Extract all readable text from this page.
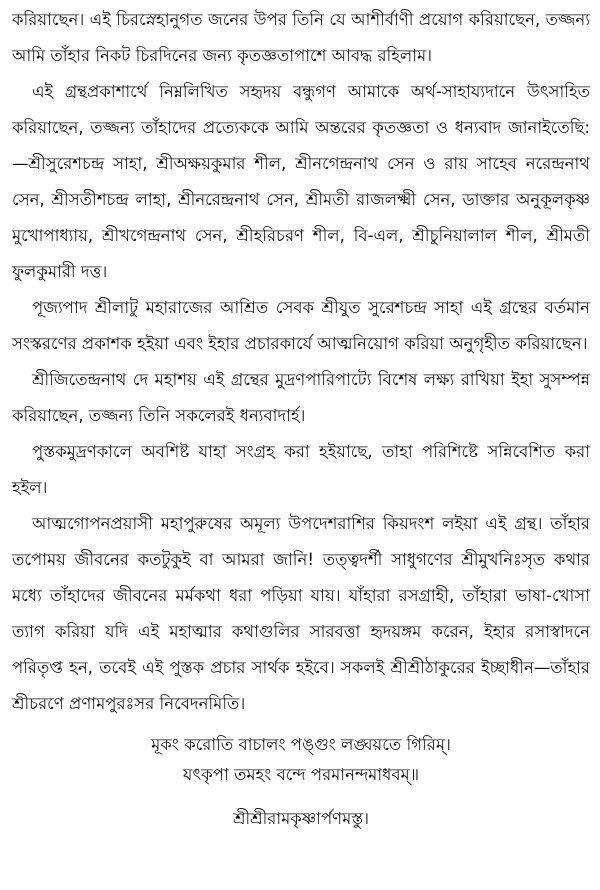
করিয়াছেন। এই চিরস্নেহানুগত জনের উপর তিনি যে আশীর্বাণী প্রয়োগ করিয়াছেন, তজ্জন্য আমি তাঁহার নিকট চিরদিনের জন্য কৃতজ্ঞতাপাশে আবদ্ধ রহিলাম।

এই গ্রন্থপ্রকাশার্থে নিম্নলিখিত সহৃদয় বন্ধুগণ আমাকে অর্থ-সাহায্যদানে উৎসাহিত করিয়াছেন, তজ্জন্য তাঁহাদের প্রত্যেককে আমি অন্তরের কৃতজ্ঞতা ও ধন্যবাদ জানাইতেছি:—শ্রীসুরেশচন্দ্র সাহা, শ্রীঅক্ষয়কুমার শীল, শ্রীনগেন্দ্রনাথ সেন ও রায় সাহেব নরেন্দ্রনাথ সেন, শ্রীসতীশচন্দ্র লাহা, শ্রীনরেন্দ্রনাথ সেন, শ্রীমতী রাজলক্ষ্মী সেন, ডাক্তার অনুকূলকৃষ্ণ মুখোপাধ্যায়, শ্রীখগেন্দ্রনাথ সেন, শ্রীহরিচরণ শীল, বি-এল, শ্রীচুনিয়ালাল শীল, শ্রীমতী ফুলকুমারী দত্ত।

পূজ্যপাদ শ্রীলাটু মহারাজের আশ্রিত সেবক শ্রীযুত সুরেশচন্দ্র সাহা এই গ্রন্থের বর্তমান সংস্করণের প্রকাশক হইয়া এবং ইহার প্রচারকার্যে আত্মনিয়োগ করিয়া অনুগৃহীত করিয়াছেন।

শ্রীজিতেন্দ্রনাথ দে মহাশয় এই গ্রন্থের মুদ্রণপারিপাট্যে বিশেষ লক্ষ্য রাখিয়া ইহা সুসম্পন্ন করিয়াছেন, তজ্জন্য তিনি সকলেরই ধন্যবাদার্হ।

পুস্তকমুদ্রণকালে অবশিষ্ট যাহা সংগ্রহ করা হইয়াছে, তাহা পরিশিষ্টে সন্নিবেশিত করা হইল।

আত্মগোপনপ্রয়াসী মহাপুরুষের অমূল্য উপদেশরাশির কিয়দংশ লইয়া এই গ্রন্থ। তাঁহার তপোময় জীবনের কতটুকুই বা আমরা জানি! তত্ত্বদর্শী সাধুগণের শ্রীমুখনিঃসৃত কথার মধ্যে তাঁহাদের জীবনের মর্মকথা ধরা পড়িয়া যায়। যাঁহারা রসগ্রাহী, তাঁহারা ভাষা-খোসা ত্যাগ করিয়া যদি এই মহাত্মার কথাগুলির সারবত্তা হৃদয়ঙ্গম করেন, ইহার রসাস্বাদনে পরিতৃপ্ত হন, তবেই এই পুস্তক প্রচার সার্থক হইবে। সকলই শ্রীশ্রীঠাকুরের ইচ্ছাধীন—তাঁহার শ্রীচরণে প্রণামপুরঃসর নিবেদনমিতি।

মূকং করোতি বাচালং পঙ্গুং লঙ্ঘয়তে গিরিম্।

যৎকৃপা তমহং বন্দে পরমানন্দমাধবম্॥

শ্রীশ্রীরামকৃষ্ণার্পণমস্তু।
